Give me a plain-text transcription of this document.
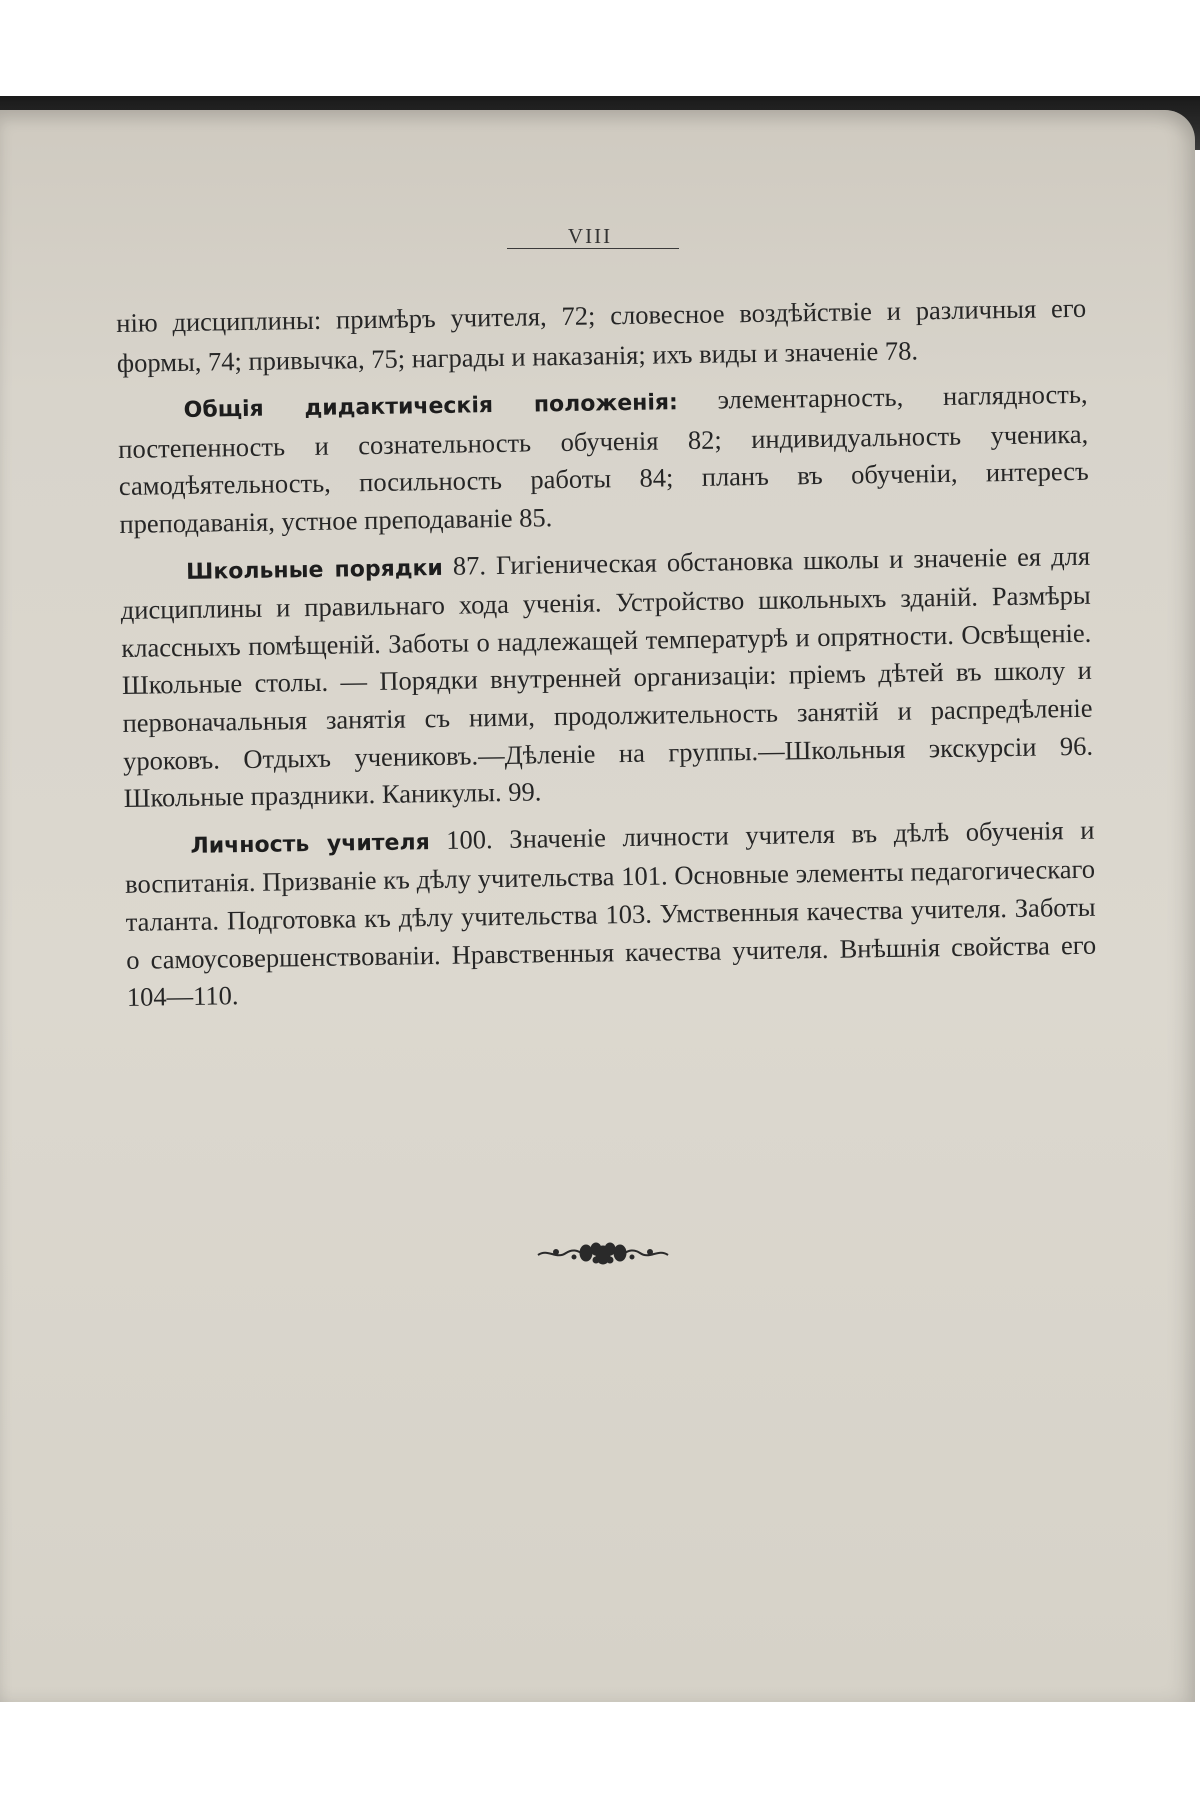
VIII

нію дисциплины: примѣръ учителя, 72; словесное воздѣйствіе и различныя его формы, 74; привычка, 75; награды и наказанія; ихъ виды и значеніе 78.

Общія дидактическія положенія: элементарность, наглядность, постепенность и сознательность обученія 82; индивидуальность ученика, самодѣятельность, посильность работы 84; планъ въ обученіи, интересъ преподаванія, устное преподаваніе 85.

Школьные порядки 87. Гигіеническая обстановка школы и значеніе ея для дисциплины и правильнаго хода ученія. Устройство школьныхъ зданій. Размѣры классныхъ помѣщеній. Заботы о надлежащей температурѣ и опрятности. Освѣщеніе. Школьные столы. — Порядки внутренней организаціи: пріемъ дѣтей въ школу и первоначальныя занятія съ ними, продолжительность занятій и распредѣленіе уроковъ. Отдыхъ учениковъ.—Дѣленіе на группы.—Школьныя экскурсіи 96. Школьные праздники. Каникулы. 99.

Личность учителя 100. Значеніе личности учителя въ дѣлѣ обученія и воспитанія. Призваніе къ дѣлу учительства 101. Основные элементы педагогическаго таланта. Подготовка къ дѣлу учительства 103. Умственныя качества учителя. Заботы о самоусовершенствованіи. Нравственныя качества учителя. Внѣшнія свойства его 104—110.
